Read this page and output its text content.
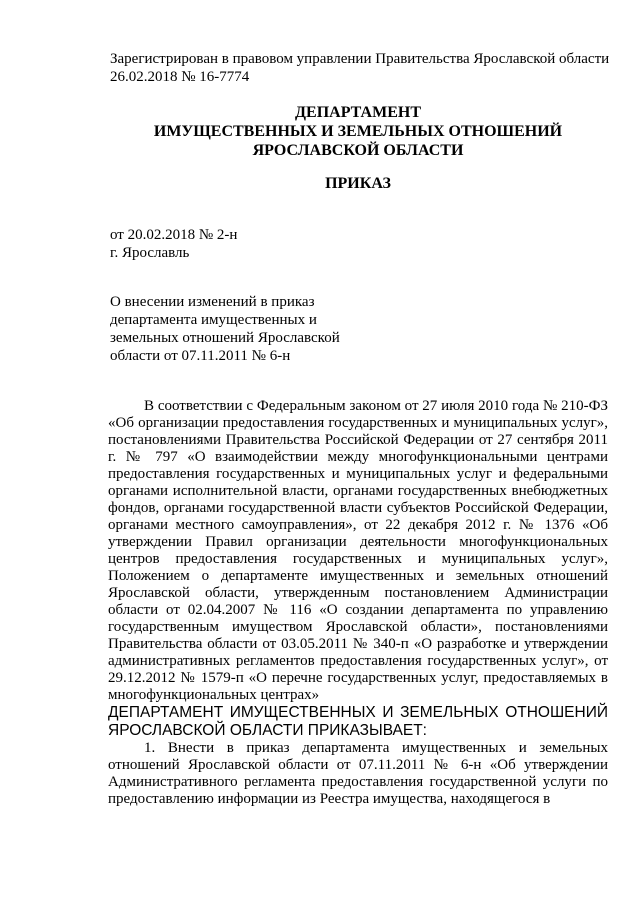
Зарегистрирован в правовом управлении Правительства Ярославской области
26.02.2018 № 16-7774
ДЕПАРТАМЕНТ
ИМУЩЕСТВЕННЫХ И ЗЕМЕЛЬНЫХ ОТНОШЕНИЙ
ЯРОСЛАВСКОЙ ОБЛАСТИ
ПРИКАЗ
от 20.02.2018 № 2-н
г. Ярославль
О внесении изменений в приказ
департамента имущественных и
земельных отношений Ярославской
области от 07.11.2011 № 6-н

В соответствии с Федеральным законом от 27 июля 2010 года № 210-ФЗ «Об организации предоставления государственных и муниципальных услуг», постановлениями Правительства Российской Федерации от 27 сентября 2011 г. № 797 «О взаимодействии между многофункциональными центрами предоставления государственных и муниципальных услуг и федеральными органами исполнительной власти, органами государственных внебюджетных фондов, органами государственной власти субъектов Российской Федерации, органами местного самоуправления», от 22 декабря 2012 г. № 1376 «Об утверждении Правил организации деятельности многофункциональных центров предоставления государственных и муниципальных услуг», Положением о департаменте имущественных и земельных отношений Ярославской области, утвержденным постановлением Администрации области от 02.04.2007 № 116 «О создании департамента по управлению государственным имуществом Ярославской области», постановлениями Правительства области от 03.05.2011 № 340-п «О разработке и утверждении административных регламентов предоставления государственных услуг», от 29.12.2012 № 1579-п «О перечне государственных услуг, предоставляемых в многофункциональных центрах»

ДЕПАРТАМЕНТ ИМУЩЕСТВЕННЫХ И ЗЕМЕЛЬНЫХ ОТНОШЕНИЙ ЯРОСЛАВСКОЙ ОБЛАСТИ ПРИКАЗЫВАЕТ:

1. Внести в приказ департамента имущественных и земельных отношений Ярославской области от 07.11.2011 № 6-н «Об утверждении Административного регламента предоставления государственной услуги по предоставлению информации из Реестра имущества, находящегося в
